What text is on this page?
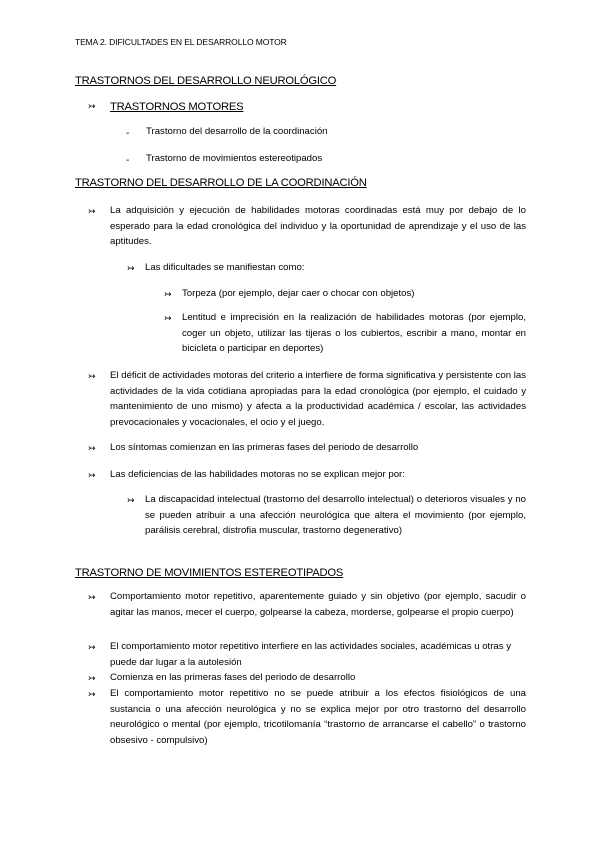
TEMA 2. DIFICULTADES EN EL DESARROLLO MOTOR
TRASTORNOS DEL DESARROLLO NEUROLÓGICO
↣ TRASTORNOS MOTORES
- Trastorno del desarrollo de la coordinación
- Trastorno de movimientos estereotipados
TRASTORNO DEL DESARROLLO DE LA COORDINACIÓN
↣ La adquisición y ejecución de habilidades motoras coordinadas está muy por debajo de lo esperado para la edad cronológica del individuo y la oportunidad de aprendizaje y el uso de las aptitudes.
↣ Las dificultades se manifiestan como:
↣ Torpeza (por ejemplo, dejar caer o chocar con objetos)
↣ Lentitud e imprecisión en la realización de habilidades motoras (por ejemplo, coger un objeto, utilizar las tijeras o los cubiertos, escribir a mano, montar en bicicleta o participar en deportes)
↣ El déficit de actividades motoras del criterio a interfiere de forma significativa y persistente con las actividades de la vida cotidiana apropiadas para la edad cronológica (por ejemplo, el cuidado y mantenimiento de uno mismo) y afecta a la productividad académica / escolar, las actividades prevocacionales y vocacionales, el ocio y el juego.
↣ Los síntomas comienzan en las primeras fases del periodo de desarrollo
↣ Las deficiencias de las habilidades motoras no se explican mejor por:
↣ La discapacidad intelectual (trastorno del desarrollo intelectual) o deterioros visuales y no se pueden atribuir a una afección neurológica que altera el movimiento (por ejemplo, parálisis cerebral, distrofia muscular, trastorno degenerativo)
TRASTORNO DE MOVIMIENTOS ESTEREOTIPADOS
↣ Comportamiento motor repetitivo, aparentemente guiado y sin objetivo (por ejemplo, sacudir o agitar las manos, mecer el cuerpo, golpearse la cabeza, morderse, golpearse el propio cuerpo)
↣ El comportamiento motor repetitivo interfiere en las actividades sociales, académicas u otras y puede dar lugar a la autolesión
↣ Comienza en las primeras fases del periodo de desarrollo
↣ El comportamiento motor repetitivo no se puede atribuir a los efectos fisiológicos de una sustancia o una afección neurológica y no se explica mejor por otro trastorno del desarrollo neurológico o mental (por ejemplo, tricotilomanía “trastorno de arrancarse el cabello” o trastorno obsesivo - compulsivo)
